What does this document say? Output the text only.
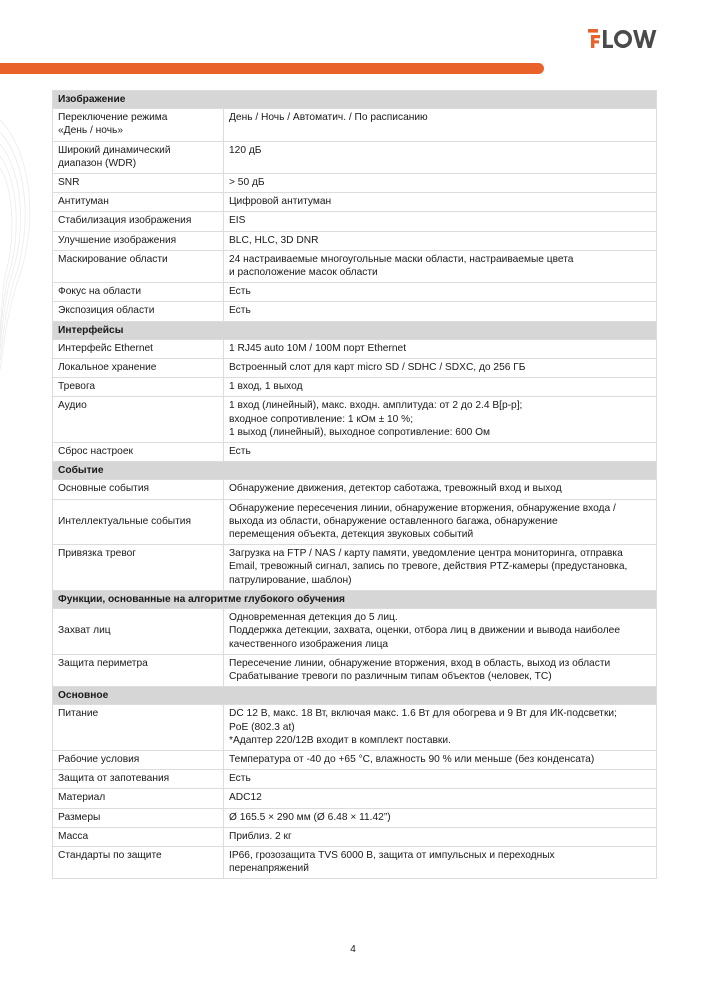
Изображение	

Переключение режима
«День / ночь»	День / Ночь / Автоматич. / По расписанию

Широкий динамический
диапазон (WDR)	120 дБ

SNR	> 50 дБ

Антитуман	Цифровой антитуман

Стабилизация изображения	EIS

Улучшение изображения	BLC, HLC, 3D DNR

Маскирование области	24 настраиваемые многоугольные маски области, настраиваемые цвета
и расположение масок области

Фокус на области	Есть

Экспозиция области	Есть

Интерфейсы	

Интерфейс Ethernet	1 RJ45 auto 10M / 100M порт Ethernet

Локальное хранение	Встроенный слот для карт micro SD / SDHC / SDXC, до 256 ГБ

Тревога	1 вход, 1 выход

Аудио	1 вход (линейный), макс. входн. амплитуда: от 2 до 2.4 В[p-p];
входное сопротивление: 1 кОм ± 10 %;
1 выход (линейный), выходное сопротивление: 600 Ом

Сброс настроек	Есть

Событие	

Основные события	Обнаружение движения, детектор саботажа, тревожный вход и выход

Интеллектуальные события	Обнаружение пересечения линии, обнаружение вторжения, обнаружение входа /
выхода из области, обнаружение оставленного багажа, обнаружение
перемещения объекта, детекция звуковых событий

Привязка тревог	Загрузка на FTP / NAS / карту памяти, уведомление центра мониторинга, отправка
Email, тревожный сигнал, запись по тревоге, действия PTZ-камеры (предустановка,
патрулирование, шаблон)

Функции, основанные на алгоритме глубокого обучения	

Захват лиц	Одновременная детекция до 5 лиц.
Поддержка детекции, захвата, оценки, отбора лиц в движении и вывода наиболее
качественного изображения лица

Защита периметра	Пересечение линии, обнаружение вторжения, вход в область, выход из области
Срабатывание тревоги по различным типам объектов (человек, ТС)

Основное	

Питание	DC 12 В, макс. 18 Вт, включая макс. 1.6 Вт для обогрева и 9 Вт для ИК-подсветки;
PoE (802.3 at)
*Адаптер 220/12В входит в комплект поставки.

Рабочие условия	Температура от -40 до +65 °C, влажность 90 % или меньше (без конденсата)

Защита от запотевания	Есть

Материал	ADC12

Размеры	Ø 165.5 × 290 мм (Ø 6.48 × 11.42”)

Масса	Приблиз. 2 кг

Стандарты по защите	IP66, грозозащита TVS 6000 В, защита от импульсных и переходных
перенапряжений
4
